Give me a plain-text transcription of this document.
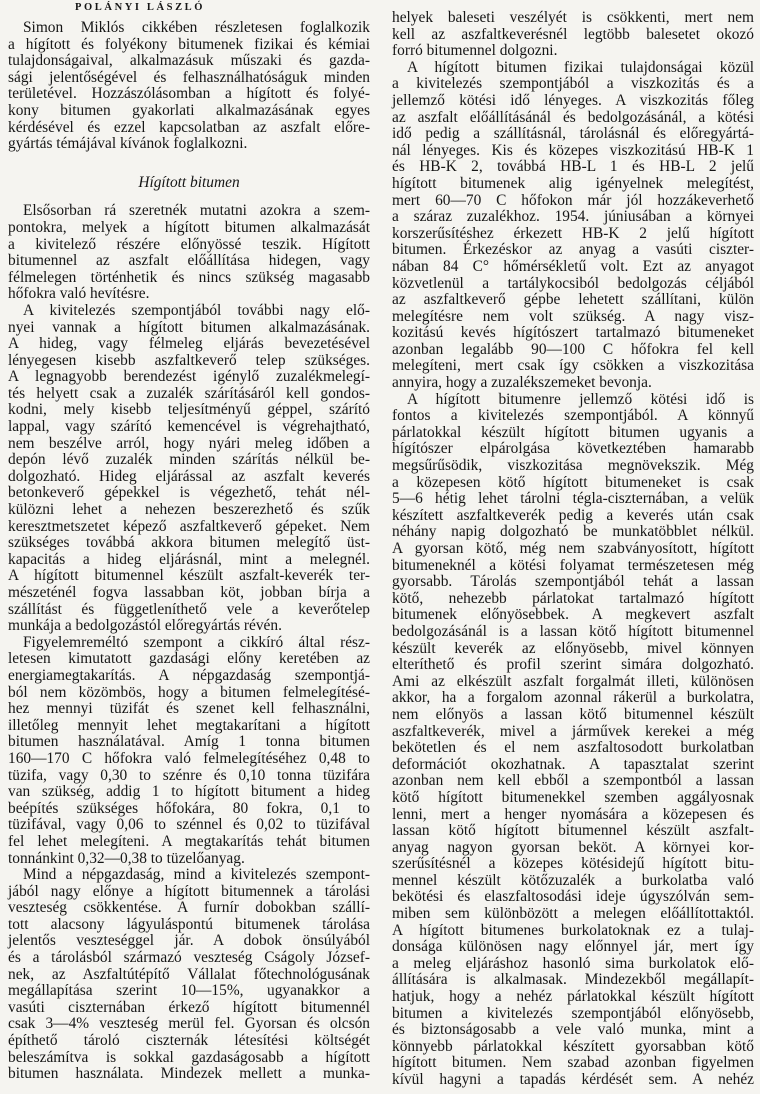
POLÁNYI LÁSZLÓ
Simon Miklós cikkében részletesen foglalkozik
a hígított és folyékony bitumenek fizikai és kémiai
tulajdonságaival, alkalmazásuk műszaki és gazda-
sági jelentőségével és felhasználhatóságuk minden
területével. Hozzászólásomban a hígított és folyé-
kony bitumen gyakorlati alkalmazásának egyes
kérdésével és ezzel kapcsolatban az aszfalt előre-
gyártás témájával kívánok foglalkozni.
Hígított bitumen
Elsősorban rá szeretnék mutatni azokra a szem-
pontokra, melyek a hígított bitumen alkalmazását
a kivitelező részére előnyössé teszik. Hígított
bitumennel az aszfalt előállítása hidegen, vagy
félmelegen történhetik és nincs szükség magasabb
hőfokra való hevítésre.
A kivitelezés szempontjából további nagy elő-
nyei vannak a hígított bitumen alkalmazásának.
A hideg, vagy félmeleg eljárás bevezetésével
lényegesen kisebb aszfaltkeverő telep szükséges.
A legnagyobb berendezést igénylő zuzalékmelegí-
tés helyett csak a zuzalék szárításáról kell gondos-
kodni, mely kisebb teljesítményű géppel, szárító
lappal, vagy szárító kemencével is végrehajtható,
nem beszélve arról, hogy nyári meleg időben a
depón lévő zuzalék minden szárítás nélkül be-
dolgozható. Hideg eljárással az aszfalt keverés
betonkeverő gépekkel is végezhető, tehát nél-
külözni lehet a nehezen beszerezhető és szűk
keresztmetszetet képező aszfaltkeverő gépeket. Nem
szükséges továbbá akkora bitumen melegítő üst-
kapacitás a hideg eljárásnál, mint a melegnél.
A hígított bitumennel készült aszfalt-keverék ter-
mészeténél fogva lassabban köt, jobban bírja a
szállítást és függetleníthető vele a keverőtelep
munkája a bedolgozástól előregyártás révén.
Figyelemreméltó szempont a cikkíró által rész-
letesen kimutatott gazdasági előny keretében az
energiamegtakarítás. A népgazdaság szempontjá-
ból nem közömbös, hogy a bitumen felmelegítésé-
hez mennyi tüzifát és szenet kell felhasználni,
illetőleg mennyit lehet megtakarítani a hígított
bitumen használatával. Amíg 1 tonna bitumen
160—170 C hőfokra való felmelegítéséhez 0,48 to
tüzifa, vagy 0,30 to szénre és 0,10 tonna tüzifára
van szükség, addig 1 to hígított bitument a hideg
beépítés szükséges hőfokára, 80 fokra, 0,1 to
tüzifával, vagy 0,06 to szénnel és 0,02 to tüzifával
fel lehet melegíteni. A megtakarítás tehát bitumen
tonnánkint 0,32—0,38 to tüzelőanyag.
Mind a népgazdaság, mind a kivitelezés szempont-
jából nagy előnye a hígított bitumennek a tárolási
veszteség csökkentése. A furnír dobokban szállí-
tott alacsony lágyuláspontú bitumenek tárolása
jelentős veszteséggel jár. A dobok önsúlyából
és a tárolásból származó veszteség Cságoly József-
nek, az Aszfaltútépítő Vállalat főtechnológusának
megállapítása szerint 10—15%, ugyanakkor a
vasúti ciszternában érkező hígított bitumennél
csak 3—4% veszteség merül fel. Gyorsan és olcsón
építhető tároló ciszternák létesítési költségét
beleszámítva is sokkal gazdaságosabb a hígított
bitumen használata. Mindezek mellett a munka-
helyek baleseti veszélyét is csökkenti, mert nem
kell az aszfaltkeverésnél legtöbb balesetet okozó
forró bitumennel dolgozni.
A hígított bitumen fizikai tulajdonságai közül
a kivitelezés szempontjából a viszkozitás és a
jellemző kötési idő lényeges. A viszkozitás főleg
az aszfalt előállításánál és bedolgozásánál, a kötési
idő pedig a szállításnál, tárolásnál és előregyártá-
nál lényeges. Kis és közepes viszkozitású HB-K 1
és HB-K 2, továbbá HB-L 1 és HB-L 2 jelű
hígított bitumenek alig igényelnek melegítést,
mert 60—70 C hőfokon már jól hozzákeverhető
a száraz zuzalékhoz. 1954. júniusában a környei
korszerűsítéshez érkezett HB-K 2 jelű hígított
bitumen. Érkezéskor az anyag a vasúti ciszter-
nában 84 C° hőmérsékletű volt. Ezt az anyagot
közvetlenül a tartálykocsiból bedolgozás céljából
az aszfaltkeverő gépbe lehetett szállítani, külön
melegítésre nem volt szükség. A nagy visz-
kozitású kevés hígítószert tartalmazó bitumeneket
azonban legalább 90—100 C hőfokra fel kell
melegíteni, mert csak így csökken a viszkozitása
annyira, hogy a zuzalékszemeket bevonja.
A hígított bitumenre jellemző kötési idő is
fontos a kivitelezés szempontjából. A könnyű
párlatokkal készült hígított bitumen ugyanis a
hígítószer elpárolgása következtében hamarabb
megsűrűsödik, viszkozitása megnövekszik. Még
a közepesen kötő hígított bitumeneket is csak
5—6 hétig lehet tárolni tégla-ciszternában, a velük
készített aszfaltkeverék pedig a keverés után csak
néhány napig dolgozható be munkatöbblet nélkül.
A gyorsan kötő, még nem szabványosított, hígított
bitumeneknél a kötési folyamat természetesen még
gyorsabb. Tárolás szempontjából tehát a lassan
kötő, nehezebb párlatokat tartalmazó hígított
bitumenek előnyösebbek. A megkevert aszfalt
bedolgozásánál is a lassan kötő hígított bitumennel
készült keverék az előnyösebb, mivel könnyen
elteríthető és profil szerint simára dolgozható.
Ami az elkészült aszfalt forgalmát illeti, különösen
akkor, ha a forgalom azonnal rákerül a burkolatra,
nem előnyös a lassan kötő bitumennel készült
aszfaltkeverék, mivel a járművek kerekei a még
bekötetlen és el nem aszfaltosodott burkolatban
deformációt okozhatnak. A tapasztalat szerint
azonban nem kell ebből a szempontból a lassan
kötő hígított bitumenekkel szemben aggályosnak
lenni, mert a henger nyomására a közepesen és
lassan kötő hígított bitumennel készült aszfalt-
anyag nagyon gyorsan beköt. A környei kor-
szerűsítésnél a közepes kötésidejű hígított bitu-
mennel készült kötőzuzalék a burkolatba való
bekötési és elaszfaltosodási ideje úgyszólván sem-
miben sem különbözött a melegen előállítottaktól.
A hígított bitumenes burkolatoknak ez a tulaj-
donsága különösen nagy előnnyel jár, mert így
a meleg eljáráshoz hasonló sima burkolatok elő-
állítására is alkalmasak. Mindezekből megállapít-
hatjuk, hogy a nehéz párlatokkal készült hígított
bitumen a kivitelezés szempontjából előnyösebb,
és biztonságosabb a vele való munka, mint a
könnyebb párlatokkal készített gyorsabban kötő
hígított bitumen. Nem szabad azonban figyelmen
kívül hagyni a tapadás kérdését sem. A nehéz
